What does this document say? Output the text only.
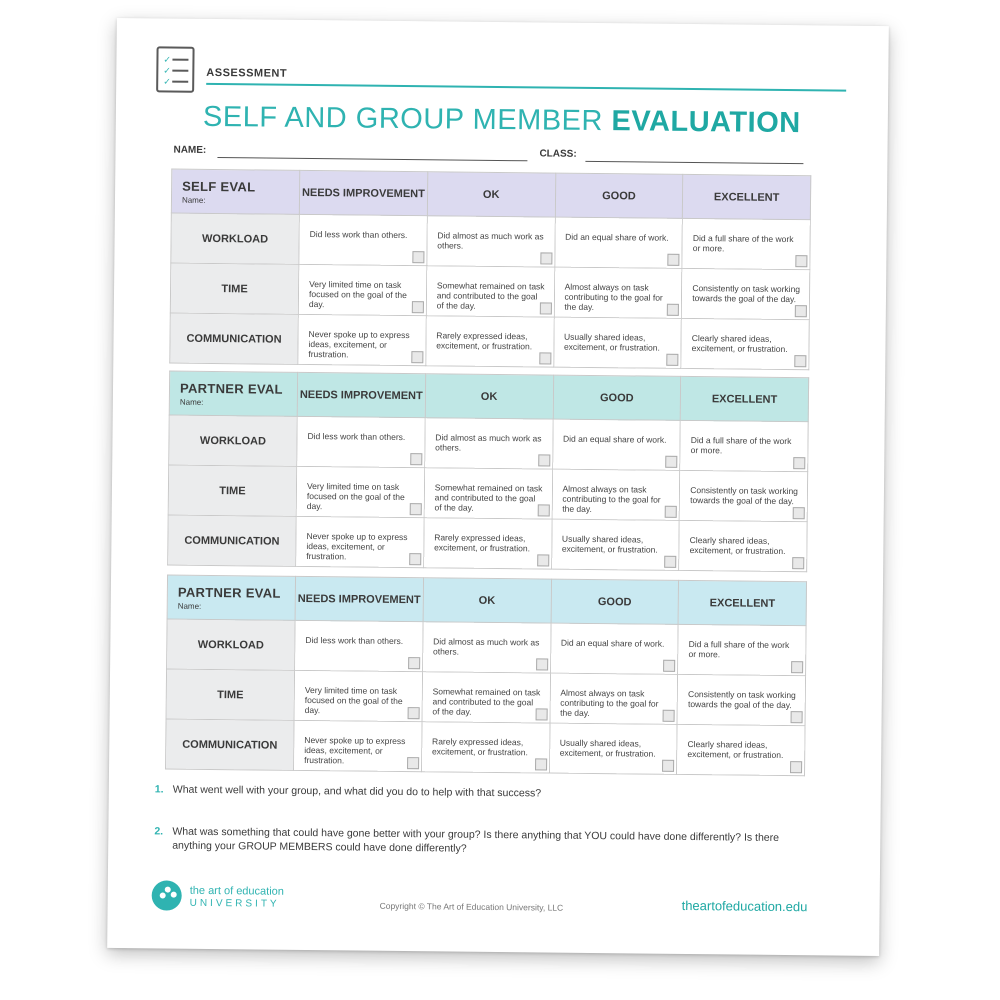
✓
✓
✓
ASSESSMENT
SELF AND GROUP MEMBER EVALUATION
NAME:	CLASS:
SELF EVAL
Name:	NEEDS IMPROVEMENT	OK	GOOD	EXCELLENT
WORKLOAD	Did less work than others.	Did almost as much work as others.	Did an equal share of work.	Did a full share of the work or more.

TIME	Very limited time on task focused on the goal of the day.	Somewhat remained on task and contributed to the goal of the day.	Almost always on task contributing to the goal for the day.	Consistently on task working towards the goal of the day.

COMMUNICATION	Never spoke up to express ideas, excitement, or frustration.	Rarely expressed ideas, excitement, or frustration.	Usually shared ideas, excitement, or frustration.	Clearly shared ideas, excitement, or frustration.
PARTNER EVAL
Name:	NEEDS IMPROVEMENT	OK	GOOD	EXCELLENT
WORKLOAD	Did less work than others.	Did almost as much work as others.	Did an equal share of work.	Did a full share of the work or more.

TIME	Very limited time on task focused on the goal of the day.	Somewhat remained on task and contributed to the goal of the day.	Almost always on task contributing to the goal for the day.	Consistently on task working towards the goal of the day.

COMMUNICATION	Never spoke up to express ideas, excitement, or frustration.	Rarely expressed ideas, excitement, or frustration.	Usually shared ideas, excitement, or frustration.	Clearly shared ideas, excitement, or frustration.
PARTNER EVAL
Name:	NEEDS IMPROVEMENT	OK	GOOD	EXCELLENT
WORKLOAD	Did less work than others.	Did almost as much work as others.	Did an equal share of work.	Did a full share of the work or more.

TIME	Very limited time on task focused on the goal of the day.	Somewhat remained on task and contributed to the goal of the day.	Almost always on task contributing to the goal for the day.	Consistently on task working towards the goal of the day.

COMMUNICATION	Never spoke up to express ideas, excitement, or frustration.	Rarely expressed ideas, excitement, or frustration.	Usually shared ideas, excitement, or frustration.	Clearly shared ideas, excitement, or frustration.
1. What went well with your group, and what did you do to help with that success?
2. What was something that could have gone better with your group? Is there anything that YOU could have done differently? Is there anything your GROUP MEMBERS could have done differently?
the art of education
UNIVERSITY	Copyright © The Art of Education University, LLC	theartofeducation.edu
